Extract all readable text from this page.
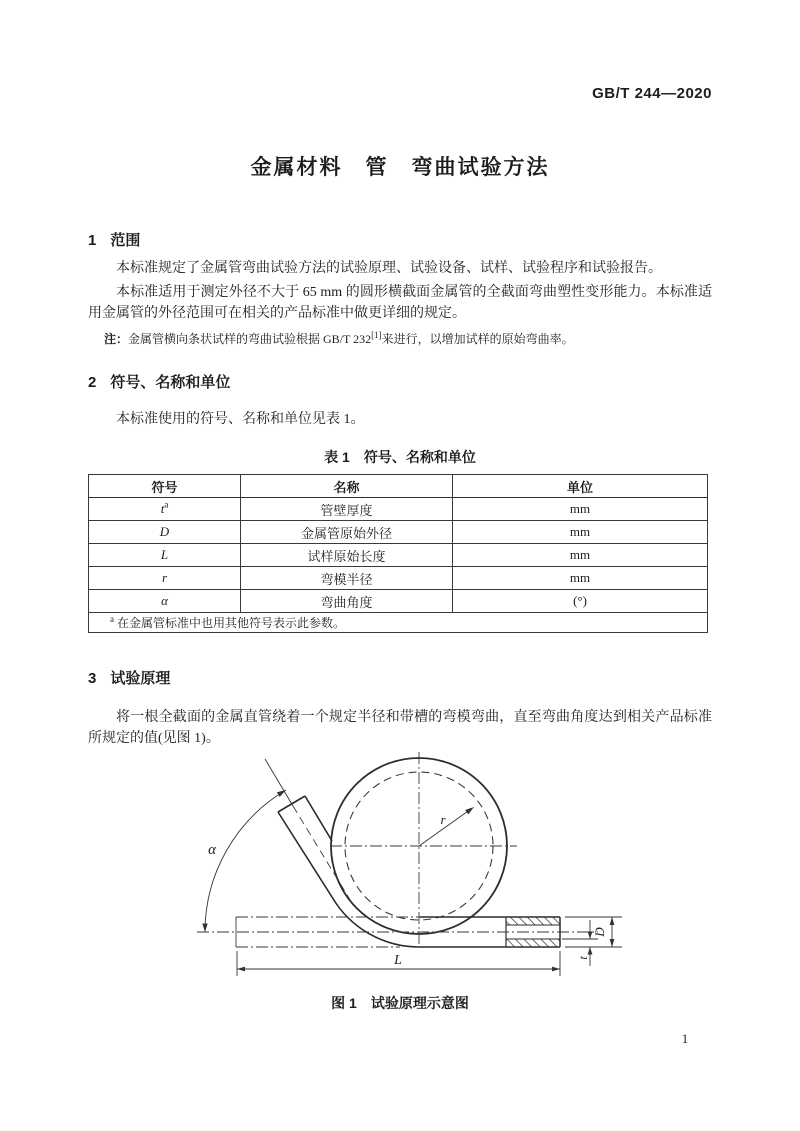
GB/T 244—2020
金属材料　管　弯曲试验方法
1 范围
本标准规定了金属管弯曲试验方法的试验原理、试验设备、试样、试验程序和试验报告。
本标准适用于测定外径不大于 65 mm 的圆形横截面金属管的全截面弯曲塑性变形能力。本标准适用金属管的外径范围可在相关的产品标准中做更详细的规定。
注：金属管横向条状试样的弯曲试验根据 GB/T 232[1]来进行，以增加试样的原始弯曲率。
2 符号、名称和单位
本标准使用的符号、名称和单位见表 1。
表 1　符号、名称和单位
符号	名称	单位
$t^a$	管壁厚度	mm
D	金属管原始外径	mm
L	试样原始长度	mm
r	弯模半径	mm
α	弯曲角度	(°)
$^a$ 在金属管标准中也用其他符号表示此参数。		
3 试验原理
将一根全截面的金属直管绕着一个规定半径和带槽的弯模弯曲，直至弯曲角度达到相关产品标准所规定的值(见图 1)。
r
α
D
t
L
图 1　试验原理示意图
1
